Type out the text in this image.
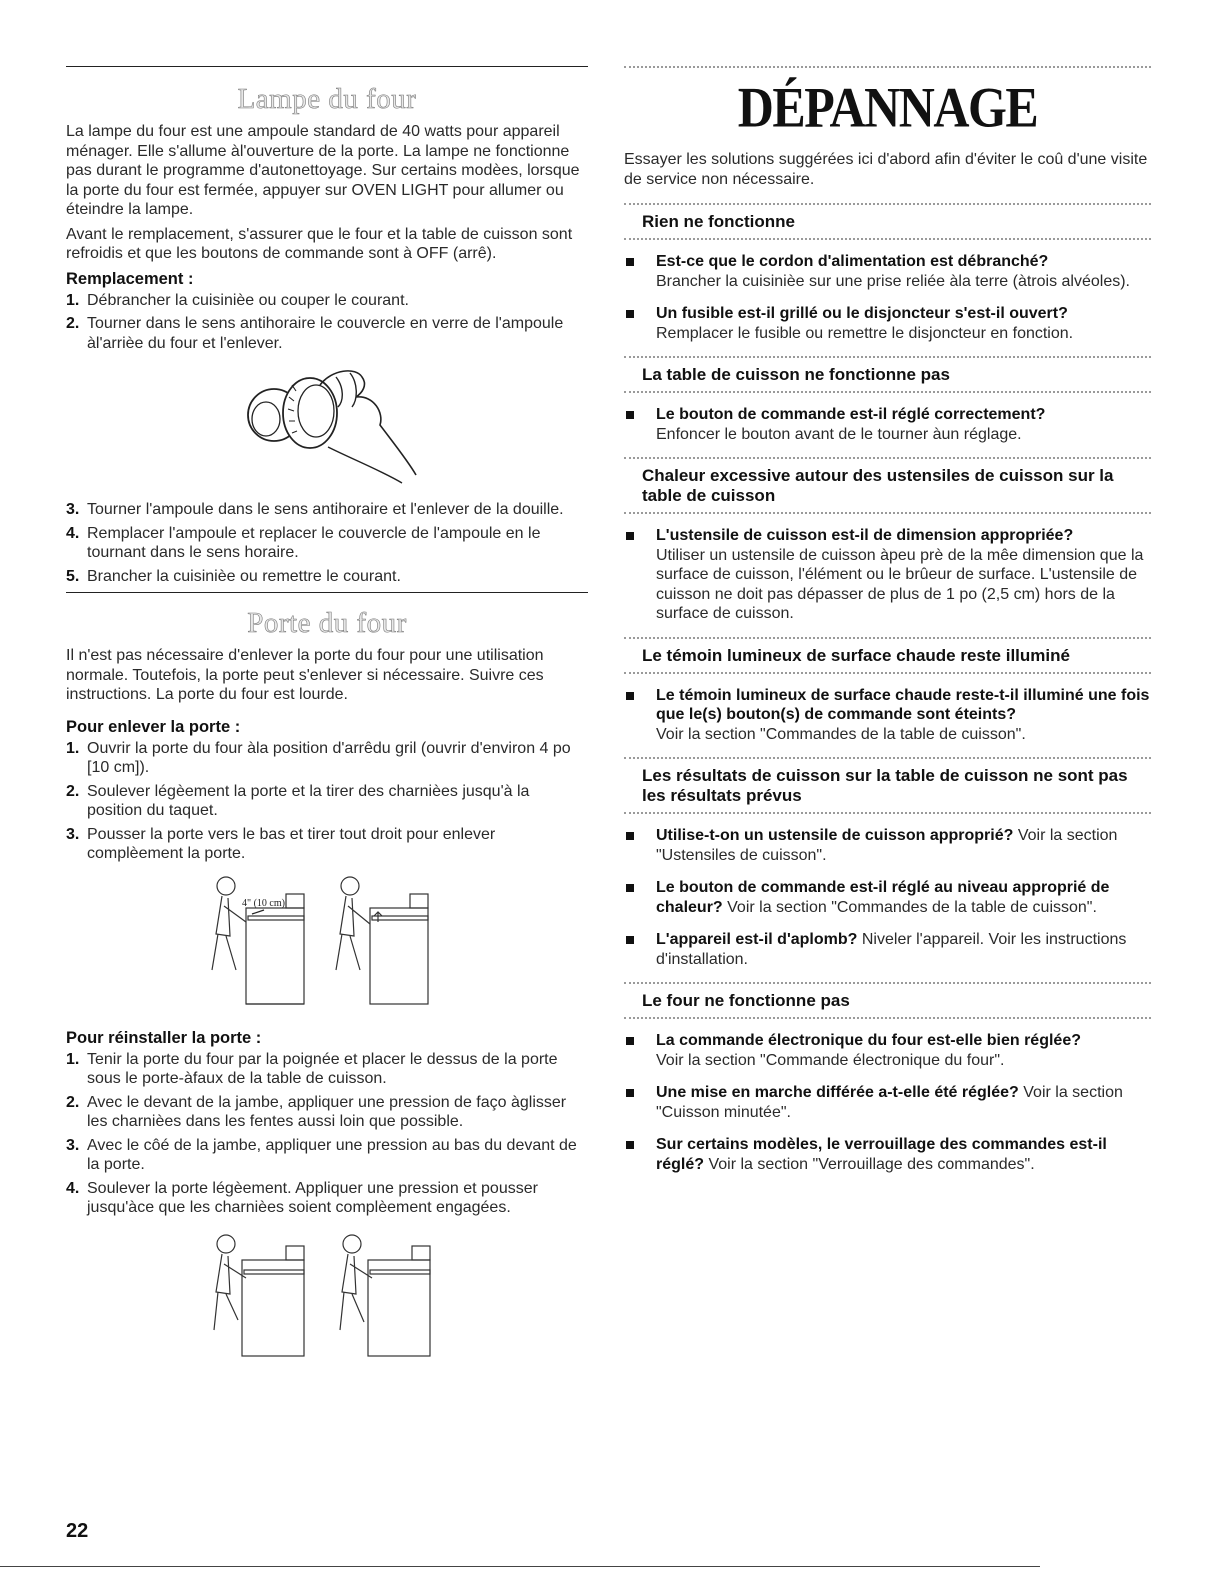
Lampe du four

La lampe du four est une ampoule standard de 40 watts pour appareil ménager. Elle s'allume àl'ouverture de la porte. La lampe ne fonctionne pas durant le programme d'autonettoyage. Sur certains modèes, lorsque la porte du four est fermée, appuyer sur OVEN LIGHT pour allumer ou éteindre la lampe.

Avant le remplacement, s'assurer que le four et la table de cuisson sont refroidis et que les boutons de commande sont à OFF (arrê).

Remplacement :
1. Débrancher la cuisinièe ou couper le courant.
2. Tourner dans le sens antihoraire le couvercle en verre de l'ampoule àl'arrièe du four et l'enlever.
3. Tourner l'ampoule dans le sens antihoraire et l'enlever de la douille.
4. Remplacer l'ampoule et replacer le couvercle de l'ampoule en le tournant dans le sens horaire.
5. Brancher la cuisinièe ou remettre le courant.
Porte du four

Il n'est pas nécessaire d'enlever la porte du four pour une utilisation normale. Toutefois, la porte peut s'enlever si nécessaire. Suivre ces instructions. La porte du four est lourde.

Pour enlever la porte :
1. Ouvrir la porte du four àla position d'arrêdu gril (ouvrir d'environ 4 po [10 cm]).
2. Soulever légèement la porte et la tirer des charnièes jusqu'à la position du taquet.
3. Pousser la porte vers le bas et tirer tout droit pour enlever complèement la porte.
4" (10 cm)
Pour réinstaller la porte :
1. Tenir la porte du four par la poignée et placer le dessus de la porte sous le porte-àfaux de la table de cuisson.
2. Avec le devant de la jambe, appliquer une pression de faço àglisser les charnièes dans les fentes aussi loin que possible.
3. Avec le côé de la jambe, appliquer une pression au bas du devant de la porte.
4. Soulever la porte légèement. Appliquer une pression et pousser jusqu'àce que les charnièes soient complèement engagées.
DÉPANNAGE

Essayer les solutions suggérées ici d'abord afin d'éviter le coû d'une visite de service non nécessaire.

Rien ne fonctionne
Est-ce que le cordon d'alimentation est débranché?
Brancher la cuisinièe sur une prise reliée àla terre (àtrois alvéoles).
Un fusible est-il grillé ou le disjoncteur s'est-il ouvert?
Remplacer le fusible ou remettre le disjoncteur en fonction.
La table de cuisson ne fonctionne pas
Le bouton de commande est-il réglé correctement?
Enfoncer le bouton avant de le tourner àun réglage.
Chaleur excessive autour des ustensiles de cuisson sur la table de cuisson
L'ustensile de cuisson est-il de dimension appropriée?
Utiliser un ustensile de cuisson àpeu prè de la mêe dimension que la surface de cuisson, l'élément ou le brûeur de surface. L'ustensile de cuisson ne doit pas dépasser de plus de 1 po (2,5 cm) hors de la surface de cuisson.
Le témoin lumineux de surface chaude reste illuminé
Le témoin lumineux de surface chaude reste-t-il illuminé une fois que le(s) bouton(s) de commande sont éteints?
Voir la section "Commandes de la table de cuisson".
Les résultats de cuisson sur la table de cuisson ne sont pas les résultats prévus
Utilise-t-on un ustensile de cuisson approprié? Voir la section "Ustensiles de cuisson".
Le bouton de commande est-il réglé au niveau approprié de chaleur? Voir la section "Commandes de la table de cuisson".
L'appareil est-il d'aplomb? Niveler l'appareil. Voir les instructions d'installation.
Le four ne fonctionne pas
La commande électronique du four est-elle bien réglée?
Voir la section "Commande électronique du four".
Une mise en marche différée a-t-elle été réglée? Voir la section "Cuisson minutée".
Sur certains modèles, le verrouillage des commandes est-il réglé? Voir la section "Verrouillage des commandes".
22
